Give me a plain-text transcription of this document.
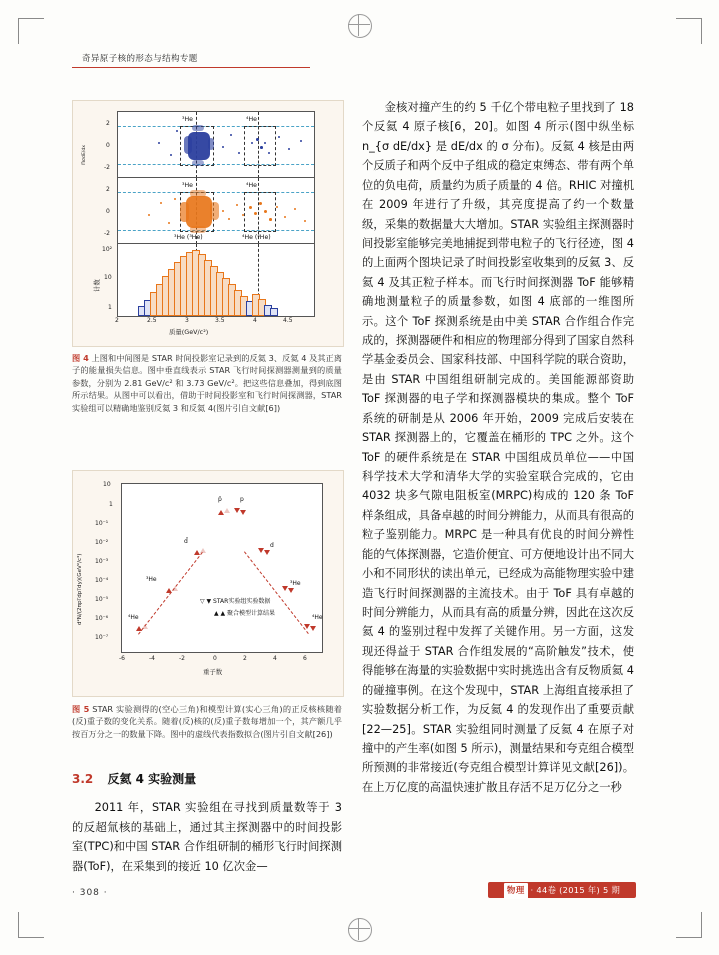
奇异原子核的形态与结构专题
nσdE/dx
³He	⁴He
2
0
-2
³He	⁴He
2
0
-2
³He (³He)	⁴He (⁴He)
10²
10
1
计数
2	2.5	3	3.5	4	4.5
质量(GeV/c²)
图 4 上图和中间图是 STAR 时间投影室记录到的反氦 3、反氦 4 及其正离子的能量损失信息。图中垂直线表示 STAR 飞行时间探测器测量到的质量参数，分别为 2.81 GeV/c² 和 3.73 GeV/c²。把这些信息叠加，得到底图所示结果。从图中可以看出，借助于时间投影室和飞行时间探测器，STAR 实验组可以精确地鉴别反氦 3 和反氦 4(图片引自文献[6])
d²N/(2πpTdpTdy)(GeV²/c³)
p̄	p
d̄
d
³He
³He
⁴He	⁴He
▽ ▼ STAR实验组实验数据
▲ ▲ 聚合模型计算结果
10
1
10⁻¹
10⁻²
10⁻³
10⁻⁴
10⁻⁵
10⁻⁶
10⁻⁷
-6	-4	-2	0	2	4	6
重子数
图 5 STAR 实验测得的(空心三角)和模型计算(实心三角)的正反核核随着(反)重子数的变化关系。随着(反)核的(反)重子数每增加一个，其产额几乎按百万分之一的数量下降。图中的虚线代表指数拟合(图片引自文献[26])
3.2 反氦 4 实验测量
2011 年，STAR 实验组在寻找到质量数等于 3 的反超氚核的基础上，通过其主探测器中的时间投影室(TPC)和中国 STAR 合作组研制的桶形飞行时间探测器(ToF)，在采集到的接近 10 亿次金—
金核对撞产生的约 5 千亿个带电粒子里找到了 18 个反氦 4 原子核[6，20]。如图 4 所示(图中纵坐标 n_{σ dE/dx} 是 dE/dx 的 σ 分布)。反氦 4 核是由两个反质子和两个反中子组成的稳定束缚态、带有两个单位的负电荷，质量约为质子质量的 4 倍。RHIC 对撞机在 2009 年进行了升级，其亮度提高了约一个数量级，采集的数据量大大增加。STAR 实验组主探测器时间投影室能够完美地捕捉到带电粒子的飞行径迹，图 4 的上面两个图块记录了时间投影室收集到的反氦 3、反氦 4 及其正粒子样本。而飞行时间探测器 ToF 能够精确地测量粒子的质量参数，如图 4 底部的一维图所示。这个 ToF 探测系统是由中美 STAR 合作组合作完成的，探测器硬件和相应的物理部分得到了国家自然科学基金委员会、国家科技部、中国科学院的联合资助，是由 STAR 中国组组研制完成的。美国能源部资助 ToF 探测器的电子学和探测器模块的集成。整个 ToF 系统的研制是从 2006 年开始，2009 完成后安装在 STAR 探测器上的，它覆盖在桶形的 TPC 之外。这个 ToF 的硬件系统是在 STAR 中国组成员单位——中国科学技术大学和清华大学的实验室联合完成的，它由 4032 块多气隙电阻板室(MRPC)构成的 120 条 ToF 样条组成，具备卓越的时间分辨能力，从而具有很高的粒子鉴别能力。MRPC 是一种具有优良的时间分辨性能的气体探测器，它造价便宜、可方便地设计出不同大小和不同形状的读出单元，已经成为高能物理实验中建造飞行时间探测器的主流技术。由于 ToF 具有卓越的时间分辨能力，从而具有高的质量分辨，因此在这次反氦 4 的鉴别过程中发挥了关键作用。另一方面，这发现还得益于 STAR 合作组发展的“高阶触发”技术，使得能够在海量的实验数据中实时挑选出含有反物质氦 4 的碰撞事例。在这个发现中，STAR 上海组直接承担了实验数据分析工作，为反氦 4 的发现作出了重要贡献[22—25]。STAR 实验组同时测量了反氦 4 在原子对撞中的产生率(如图 5 所示)，测量结果和夸克组合模型所预测的非常接近(夸克组合模型计算详见文献[26])。在上万亿度的高温快速扩散且存活不足万亿分之一秒
· 308 ·	物理 · 44卷 (2015 年) 5 期
